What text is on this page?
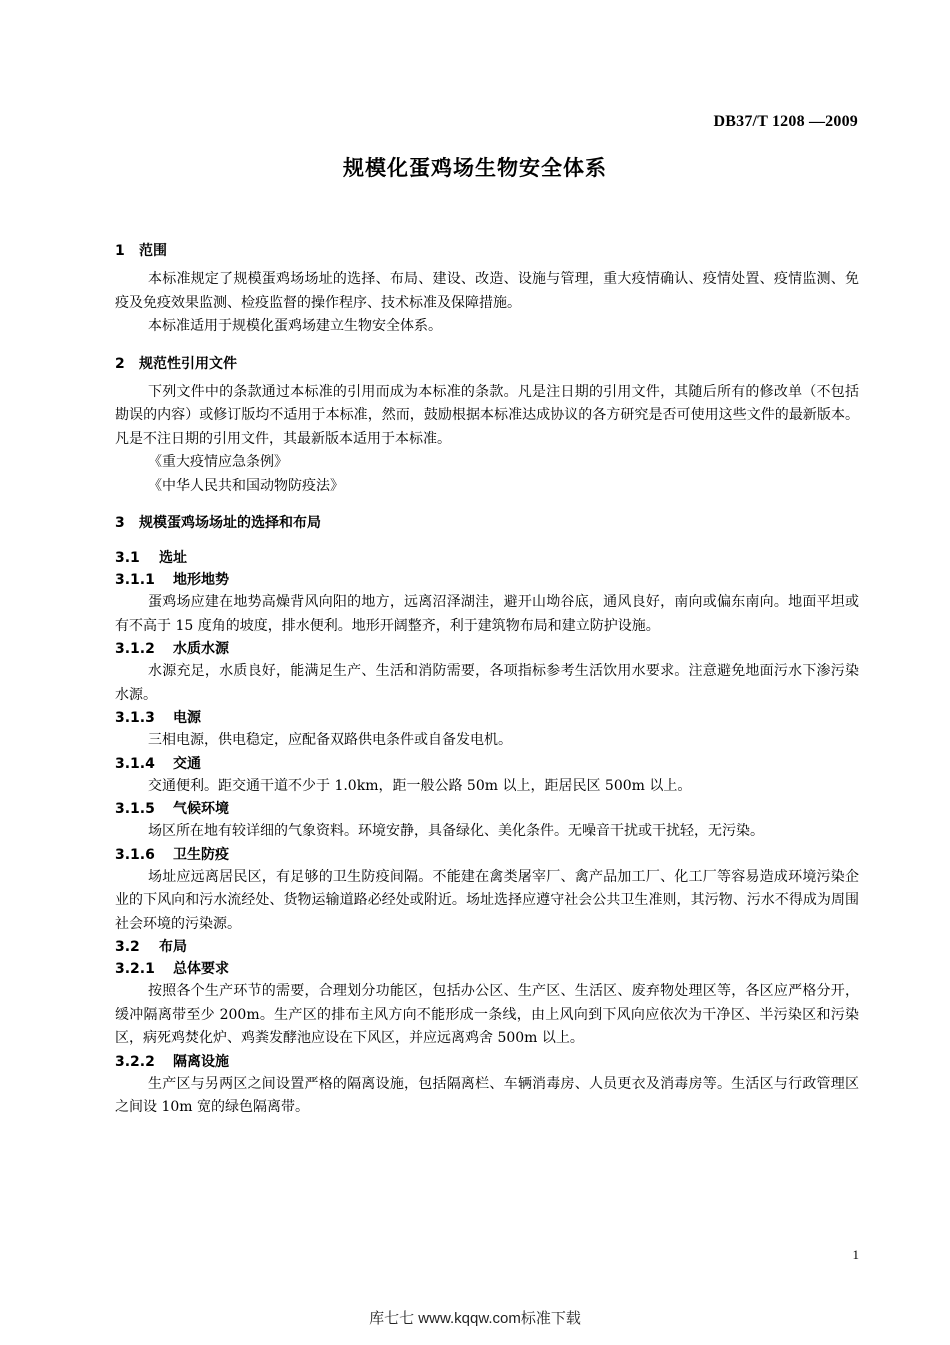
DB37/T 1208 —2009
规模化蛋鸡场生物安全体系
1 范围

本标准规定了规模蛋鸡场场址的选择、布局、建设、改造、设施与管理，重大疫情确认、疫情处置、疫情监测、免疫及免疫效果监测、检疫监督的操作程序、技术标准及保障措施。

本标准适用于规模化蛋鸡场建立生物安全体系。

2 规范性引用文件

下列文件中的条款通过本标准的引用而成为本标准的条款。凡是注日期的引用文件，其随后所有的修改单（不包括勘误的内容）或修订版均不适用于本标准，然而，鼓励根据本标准达成协议的各方研究是否可使用这些文件的最新版本。凡是不注日期的引用文件，其最新版本适用于本标准。

《重大疫情应急条例》

《中华人民共和国动物防疫法》

3 规模蛋鸡场场址的选择和布局
3.1 选址
3.1.1 地形地势

蛋鸡场应建在地势高燥背风向阳的地方，远离沼泽湖洼，避开山坳谷底，通风良好，南向或偏东南向。地面平坦或有不高于 15 度角的坡度，排水便利。地形开阔整齐，利于建筑物布局和建立防护设施。

3.1.2 水质水源

水源充足，水质良好，能满足生产、生活和消防需要，各项指标参考生活饮用水要求。注意避免地面污水下渗污染水源。

3.1.3 电源

三相电源，供电稳定，应配备双路供电条件或自备发电机。

3.1.4 交通

交通便利。距交通干道不少于 1.0km，距一般公路 50m 以上，距居民区 500m 以上。

3.1.5 气候环境

场区所在地有较详细的气象资料。环境安静，具备绿化、美化条件。无噪音干扰或干扰轻，无污染。

3.1.6 卫生防疫

场址应远离居民区，有足够的卫生防疫间隔。不能建在禽类屠宰厂、禽产品加工厂、化工厂等容易造成环境污染企业的下风向和污水流经处、货物运输道路必经处或附近。场址选择应遵守社会公共卫生准则，其污物、污水不得成为周围社会环境的污染源。

3.2 布局
3.2.1 总体要求

按照各个生产环节的需要，合理划分功能区，包括办公区、生产区、生活区、废弃物处理区等，各区应严格分开，缓冲隔离带至少 200m。生产区的排布主风方向不能形成一条线，由上风向到下风向应依次为干净区、半污染区和污染区，病死鸡焚化炉、鸡粪发酵池应设在下风区，并应远离鸡舍 500m 以上。

3.2.2 隔离设施

生产区与另两区之间设置严格的隔离设施，包括隔离栏、车辆消毒房、人员更衣及消毒房等。生活区与行政管理区之间设 10m 宽的绿色隔离带。

1
库七七 www.kqqw.com标准下载
